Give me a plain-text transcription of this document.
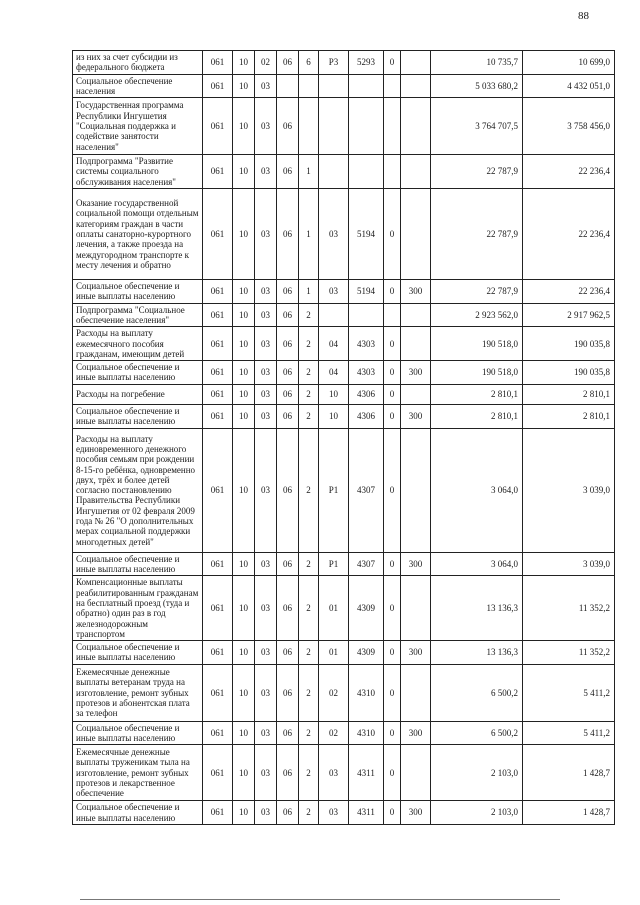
88
из них за счет субсидии из федерального бюджета	061	10	02	06	6	Р3	5293	0		10 735,7	10 699,0
Социальное обеспечение населения	061	10	03							5 033 680,2	4 432 051,0
Государственная программа Республики Ингушетия "Социальная поддержка и содействие занятости населения"	061	10	03	06						3 764 707,5	3 758 456,0
Подпрограмма "Развитие системы социального обслуживания населения"	061	10	03	06	1					22 787,9	22 236,4
Оказание государственной социальной помощи отдельным категориям граждан в части оплаты санаторно-курортного лечения, а также проезда на междугородном транспорте к месту лечения и обратно	061	10	03	06	1	03	5194	0		22 787,9	22 236,4
Социальное обеспечение и иные выплаты населению	061	10	03	06	1	03	5194	0	300	22 787,9	22 236,4
Подпрограмма "Социальное обеспечение населения"	061	10	03	06	2					2 923 562,0	2 917 962,5
Расходы на выплату ежемесячного пособия гражданам, имеющим детей	061	10	03	06	2	04	4303	0		190 518,0	190 035,8
Социальное обеспечение и иные выплаты населению	061	10	03	06	2	04	4303	0	300	190 518,0	190 035,8
Расходы на погребение	061	10	03	06	2	10	4306	0		2 810,1	2 810,1
Социальное обеспечение и иные выплаты населению	061	10	03	06	2	10	4306	0	300	2 810,1	2 810,1
Расходы на выплату единовременного денежного пособия семьям при рождении 8-15-го ребёнка, одновременно двух, трёх и более детей согласно постановлению Правительства Республики Ингушетия от 02 февраля 2009 года № 26 "О дополнительных мерах социальной поддержки многодетных детей"	061	10	03	06	2	Р1	4307	0		3 064,0	3 039,0
Социальное обеспечение и иные выплаты населению	061	10	03	06	2	Р1	4307	0	300	3 064,0	3 039,0
Компенсационные выплаты реабилитированным гражданам на бесплатный проезд (туда и обратно) один раз в год железнодорожным транспортом	061	10	03	06	2	01	4309	0		13 136,3	11 352,2
Социальное обеспечение и иные выплаты населению	061	10	03	06	2	01	4309	0	300	13 136,3	11 352,2
Ежемесячные денежные выплаты ветеранам труда на изготовление, ремонт зубных протезов и абонентская плата за телефон	061	10	03	06	2	02	4310	0		6 500,2	5 411,2
Социальное обеспечение и иные выплаты населению	061	10	03	06	2	02	4310	0	300	6 500,2	5 411,2
Ежемесячные денежные выплаты труженикам тыла на изготовление, ремонт зубных протезов и лекарственное обеспечение	061	10	03	06	2	03	4311	0		2 103,0	1 428,7
Социальное обеспечение и иные выплаты населению	061	10	03	06	2	03	4311	0	300	2 103,0	1 428,7
